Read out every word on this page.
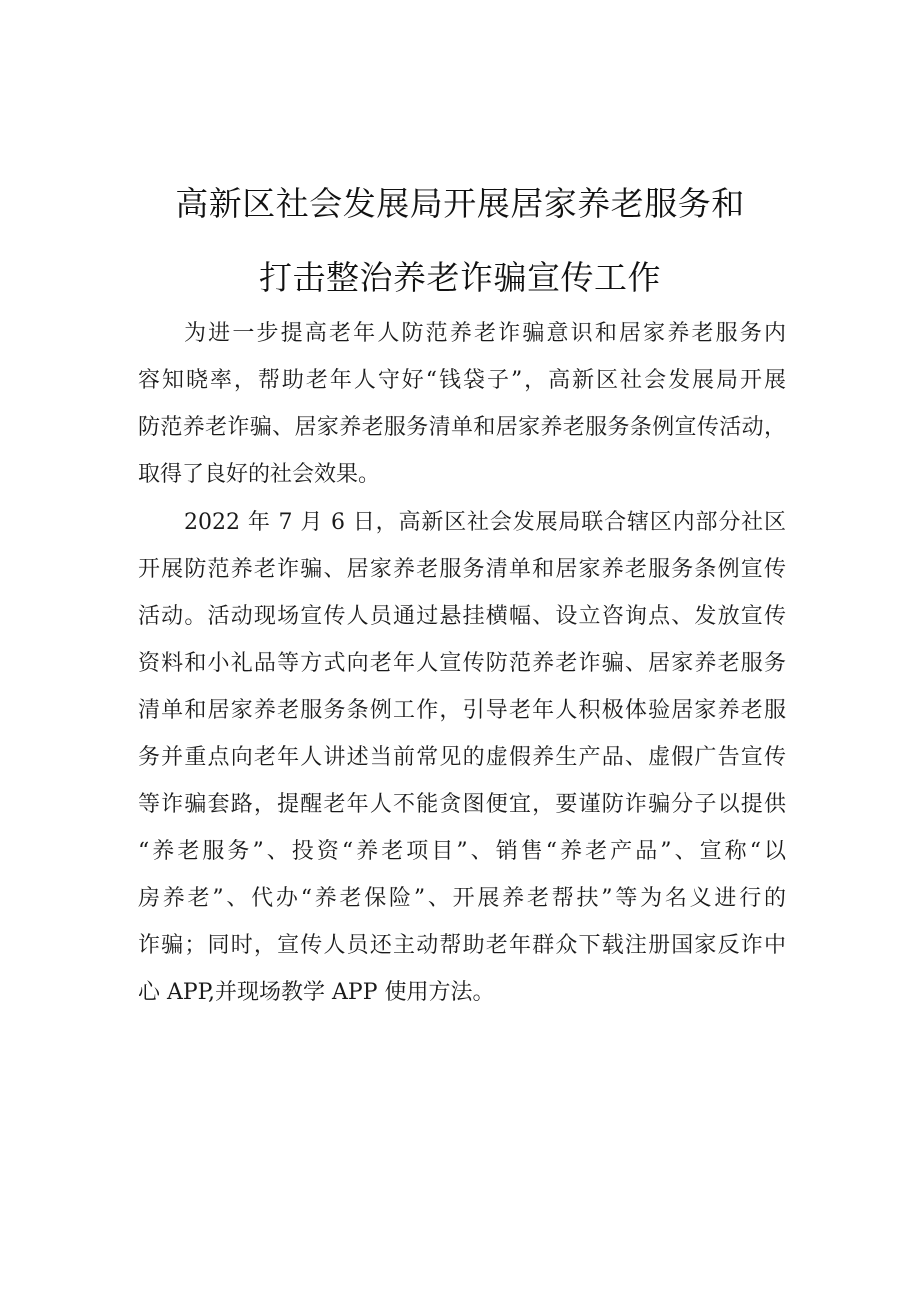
高新区社会发展局开展居家养老服务和
打击整治养老诈骗宣传工作
为进一步提高老年人防范养老诈骗意识和居家养老服务内
容知晓率，帮助老年人守好“钱袋子”，高新区社会发展局开展
防范养老诈骗、居家养老服务清单和居家养老服务条例宣传活动，
取得了良好的社会效果。
2022 年 7 月 6 日，高新区社会发展局联合辖区内部分社区
开展防范养老诈骗、居家养老服务清单和居家养老服务条例宣传
活动。活动现场宣传人员通过悬挂横幅、设立咨询点、发放宣传
资料和小礼品等方式向老年人宣传防范养老诈骗、居家养老服务
清单和居家养老服务条例工作，引导老年人积极体验居家养老服
务并重点向老年人讲述当前常见的虚假养生产品、虚假广告宣传
等诈骗套路，提醒老年人不能贪图便宜，要谨防诈骗分子以提供
“养老服务”、投资“养老项目”、销售“养老产品”、宣称“以
房养老”、代办“养老保险”、开展养老帮扶”等为名义进行的
诈骗；同时，宣传人员还主动帮助老年群众下载注册国家反诈中
心 APP,并现场教学 APP 使用方法。
